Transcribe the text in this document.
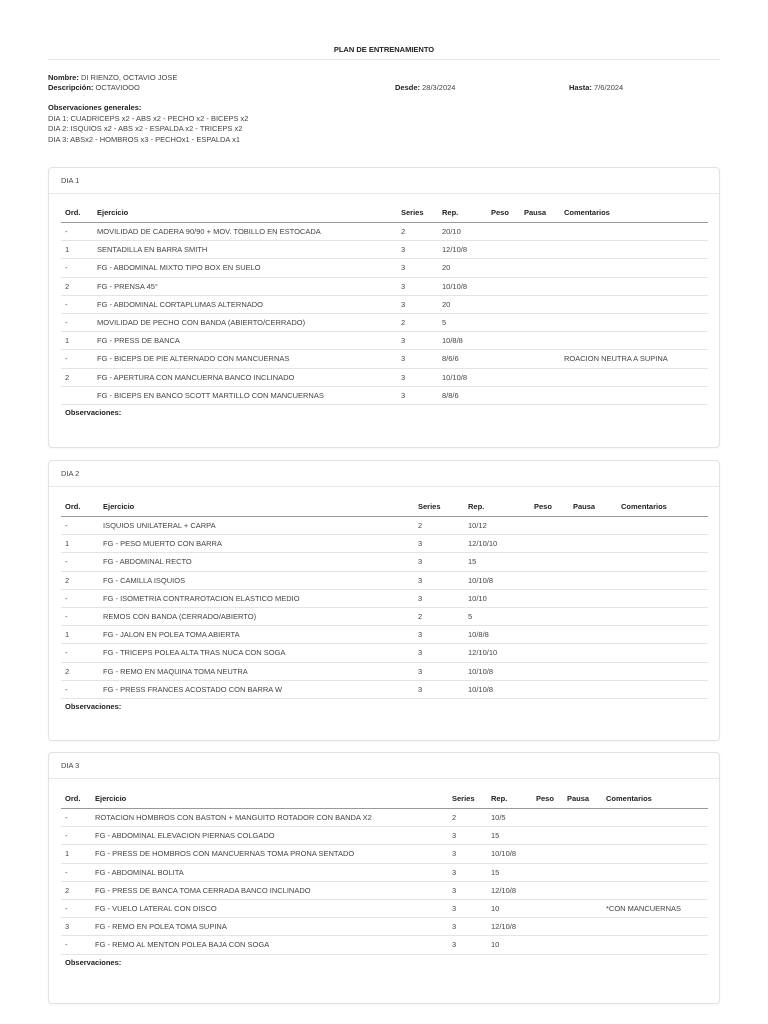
PLAN DE ENTRENAMIENTO
Nombre: DI RIENZO, OCTAVIO JOSE
Descripción: OCTAVIOOO	Desde: 28/3/2024	Hasta: 7/6/2024
Observaciones generales:
DIA 1: CUADRICEPS x2 - ABS x2 - PECHO x2 - BICEPS x2
DIA 2: ISQUIOS x2 - ABS x2 - ESPALDA x2 - TRICEPS x2
DIA 3: ABSx2 - HOMBROS x3 - PECHOx1 - ESPALDA x1
DIA 1
Ord.	Ejercicio	Series	Rep.	Peso	Pausa	Comentarios
-	MOVILIDAD DE CADERA 90/90 + MOV. TOBILLO EN ESTOCADA	2	20/10			
1	SENTADILLA EN BARRA SMITH	3	12/10/8			
-	FG - ABDOMINAL MIXTO TIPO BOX EN SUELO	3	20			
2	FG - PRENSA 45°	3	10/10/8			
-	FG - ABDOMINAL CORTAPLUMAS ALTERNADO	3	20			
-	MOVILIDAD DE PECHO CON BANDA (ABIERTO/CERRADO)	2	5			
1	FG - PRESS DE BANCA	3	10/8/8			
-	FG - BICEPS DE PIE ALTERNADO CON MANCUERNAS	3	8/6/6			ROACION NEUTRA A SUPINA
2	FG - APERTURA CON MANCUERNA BANCO INCLINADO	3	10/10/8			
	FG - BICEPS EN BANCO SCOTT MARTILLO CON MANCUERNAS	3	8/8/6			
Observaciones:
DIA 2
Ord.	Ejercicio	Series	Rep.	Peso	Pausa	Comentarios
-	ISQUIOS UNILATERAL + CARPA	2	10/12			
1	FG - PESO MUERTO CON BARRA	3	12/10/10			
-	FG - ABDOMINAL RECTO	3	15			
2	FG - CAMILLA ISQUIOS	3	10/10/8			
-	FG - ISOMETRIA CONTRAROTACION ELASTICO MEDIO	3	10/10			
-	REMOS CON BANDA (CERRADO/ABIERTO)	2	5			
1	FG - JALON EN POLEA TOMA ABIERTA	3	10/8/8			
-	FG - TRICEPS POLEA ALTA TRAS NUCA CON SOGA	3	12/10/10			
2	FG - REMO EN MAQUINA TOMA NEUTRA	3	10/10/8			
-	FG - PRESS FRANCES ACOSTADO CON BARRA W	3	10/10/8			
Observaciones:
DIA 3
Ord.	Ejercicio	Series	Rep.	Peso	Pausa	Comentarios
-	ROTACION HOMBROS CON BASTON + MANGUITO ROTADOR CON BANDA X2	2	10/5			
-	FG - ABDOMINAL ELEVACION PIERNAS COLGADO	3	15			
1	FG - PRESS DE HOMBROS CON MANCUERNAS TOMA PRONA SENTADO	3	10/10/8			
-	FG - ABDOMINAL BOLITA	3	15			
2	FG - PRESS DE BANCA TOMA CERRADA BANCO INCLINADO	3	12/10/8			
-	FG - VUELO LATERAL CON DISCO	3	10			*CON MANCUERNAS
3	FG - REMO EN POLEA TOMA SUPINA	3	12/10/8			
-	FG - REMO AL MENTON POLEA BAJA CON SOGA	3	10			
Observaciones:
